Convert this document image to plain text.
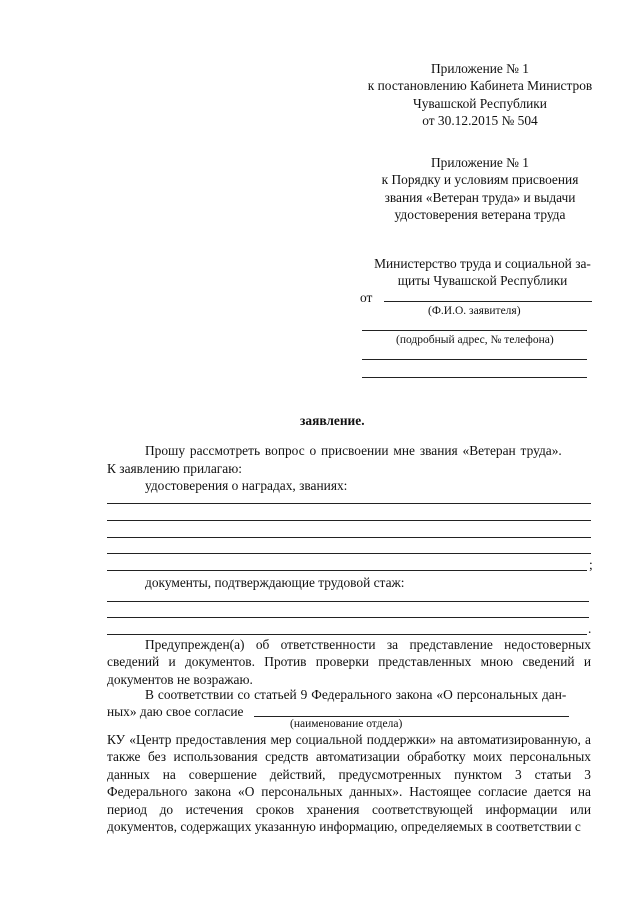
Приложение № 1
к постановлению Кабинета Министров
Чувашской Республики
от 30.12.2015 № 504
Приложение № 1
к Порядку и условиям присвоения
звания «Ветеран труда» и выдачи
удостоверения ветерана труда
Министерство труда и социальной за-
щиты Чувашской Республики
от
(Ф.И.О. заявителя)
(подробный адрес, № телефона)
заявление.
Прошу рассмотреть вопрос о присвоении мне звания «Ветеран труда».
К заявлению прилагаю:
удостоверения о наградах, званиях:
;
документы, подтверждающие трудовой стаж:
.
Предупрежден(а) об ответственности за представление недостоверных сведений и документов. Против проверки представленных мною сведений и документов не возражаю.
В соответствии со статьей 9 Федерального закона «О персональных дан-
ных» даю свое согласие
(наименование отдела)
КУ «Центр предоставления мер социальной поддержки» на автоматизированную, а также без использования средств автоматизации обработку моих персональных данных на совершение действий, предусмотренных пунктом 3 статьи 3 Федерального закона «О персональных данных». Настоящее согласие дается на период до истечения сроков хранения соответствующей информации или документов, содержащих указанную информацию, определяемых в соответствии с
